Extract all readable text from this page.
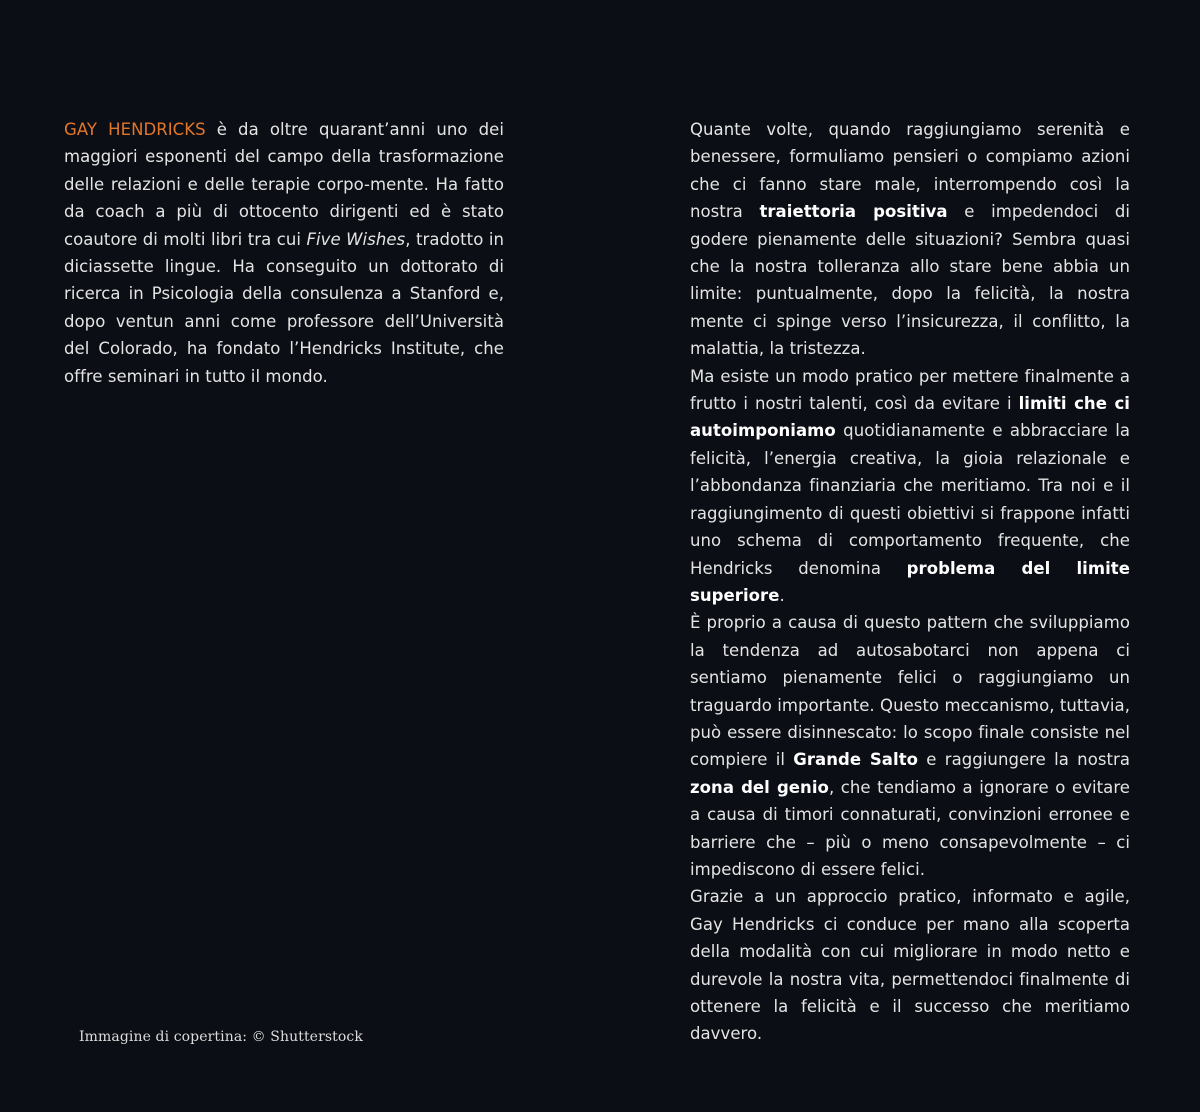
GAY HENDRICKS è da oltre quarant’anni uno dei maggiori esponenti del campo della trasformazione delle relazioni e delle terapie corpo-mente. Ha fatto da coach a più di ottocento dirigenti ed è stato coautore di molti libri tra cui Five Wishes, tradotto in diciassette lingue. Ha conseguito un dottorato di ricerca in Psicologia della consulenza a Stanford e, dopo ventun anni come professore dell’Università del Colorado, ha fondato l’Hendricks Institute, che offre seminari in tutto il mondo.

Quante volte, quando raggiungiamo serenità e benessere, formuliamo pensieri o compiamo azioni che ci fanno stare male, interrompendo così la nostra traiettoria positiva e impedendoci di godere pienamente delle situazioni? Sembra quasi che la nostra tolleranza allo stare bene abbia un limite: puntualmente, dopo la felicità, la nostra mente ci spinge verso l’insicurezza, il conflitto, la malattia, la tristezza.

Ma esiste un modo pratico per mettere finalmente a frutto i nostri talenti, così da evitare i limiti che ci autoimponiamo quotidianamente e abbracciare la felicità, l’energia creativa, la gioia relazionale e l’abbondanza finanziaria che meritiamo. Tra noi e il raggiungimento di questi obiettivi si frappone infatti uno schema di comportamento frequente, che Hendricks denomina problema del limite superiore.

È proprio a causa di questo pattern che sviluppiamo la tendenza ad autosabotarci non appena ci sentiamo pienamente felici o raggiungiamo un traguardo importante. Questo meccanismo, tuttavia, può essere disinnescato: lo scopo finale consiste nel compiere il Grande Salto e raggiungere la nostra zona del genio, che tendiamo a ignorare o evitare a causa di timori connaturati, convinzioni erronee e barriere che – più o meno consapevolmente – ci impediscono di essere felici.

Grazie a un approccio pratico, informato e agile, Gay Hendricks ci conduce per mano alla scoperta della modalità con cui migliorare in modo netto e durevole la nostra vita, permettendoci finalmente di ottenere la felicità e il successo che meritiamo davvero.

Immagine di copertina: © Shutterstock
